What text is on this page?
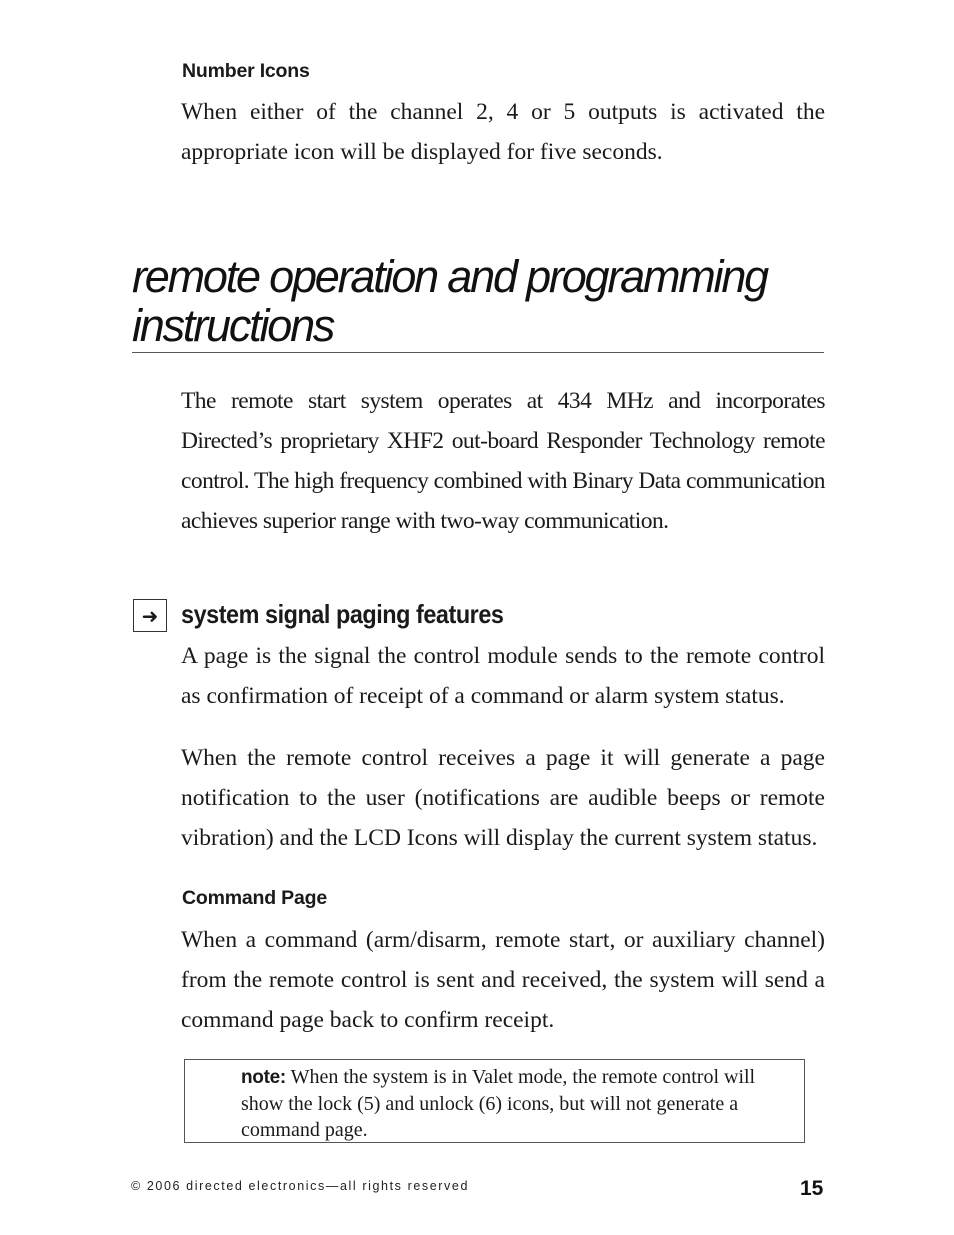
Number Icons
When either of the channel 2, 4 or 5 outputs is activated the appropriate icon will be displayed for five seconds.
remote operation and programming instructions
The remote start system operates at 434 MHz and incorporates Directed’s proprietary XHF2 out-board Responder Technology remote control. The high frequency combined with Binary Data communication achieves superior range with two-way communication.
➜ system signal paging features
A page is the signal the control module sends to the remote control as confirmation of receipt of a command or alarm system status.
When the remote control receives a page it will generate a page notification to the user (notifications are audible beeps or remote vibration) and the LCD Icons will display the current system status.
Command Page
When a command (arm/disarm, remote start, or auxiliary channel) from the remote control is sent and received, the system will send a command page back to confirm receipt.
note: When the system is in Valet mode, the remote control will show the lock (5) and unlock (6) icons, but will not generate a command page.
© 2006 directed electronics—all rights reserved	15
